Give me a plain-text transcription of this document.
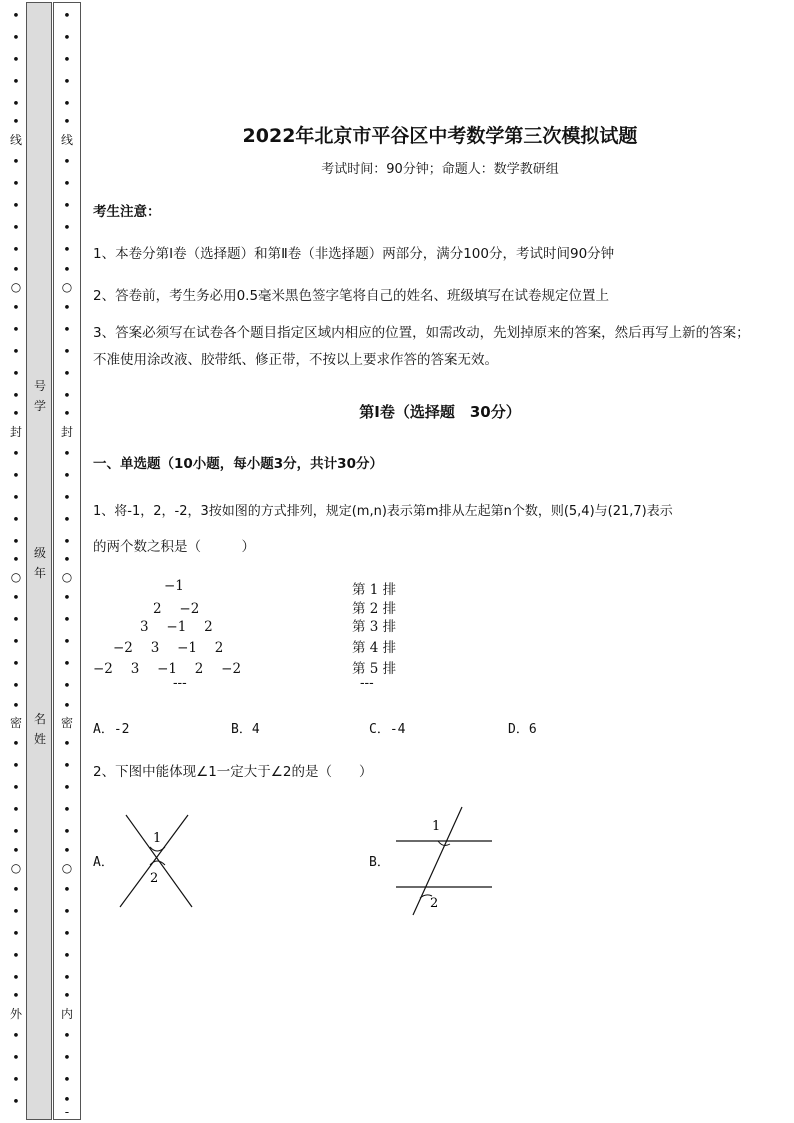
•
•
•
•
•
•
线
•
•
•
•
•
•
○
•
•
•
•
•
•
封
•
•
•
•
•
•
○
•
•
•
•
•
•
密
•
•
•
•
•
•
○
•
•
•
•
•
•
外
•
•
•
•
号
学
级
年
名
姓
•
•
•
•
•
•
线
•
•
•
•
•
•
○
•
•
•
•
•
•
封
•
•
•
•
•
•
○
•
•
•
•
•
•
密
•
•
•
•
•
•
○
•
•
•
•
•
•
内
•
•
•
•
-
2022年北京市平谷区中考数学第三次模拟试题
考试时间：90分钟；命题人：数学教研组
考生注意：
1、本卷分第Ⅰ卷（选择题）和第Ⅱ卷（非选择题）两部分，满分100分，考试时间90分钟
2、答卷前，考生务必用0.5毫米黑色签字笔将自己的姓名、班级填写在试卷规定位置上
3、答案必须写在试卷各个题目指定区域内相应的位置，如需改动，先划掉原来的答案，然后再写上新的答案；不准使用涂改液、胶带纸、修正带，不按以上要求作答的答案无效。
第Ⅰ卷（选择题　30分）
一、单选题（10小题，每小题3分，共计30分）
1、将-1，2，-2，3按如图的方式排列，规定(m,n)表示第m排从左起第n个数，则(5,4)与(21,7)表示
的两个数之积是（　　　）
−1
2　 −2
3　 −1　 2
−2　 3　 −1　 2
−2　 3　 −1　 2　 −2
---
第 1 排
第 2 排
第 3 排
第 4 排
第 5 排
---
A．-2	B．4	C．-4	D．6
2、下图中能体现∠1一定大于∠2的是（　　）
A．
1
2
B．
1
2
